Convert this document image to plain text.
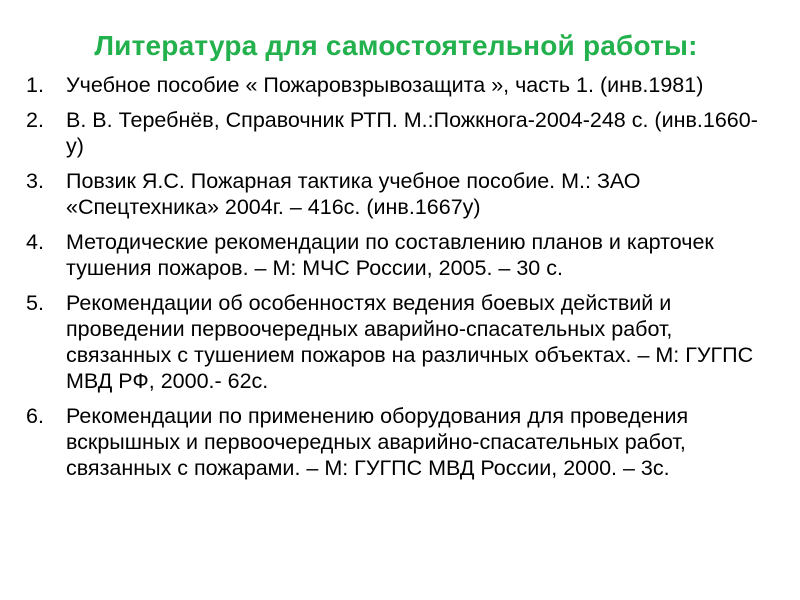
Литература для самостоятельной работы:
1.	Учебное пособие « Пожаровзрывозащита », часть 1. (инв.1981)
2.	В. В. Теребнёв, Справочник РТП. М.:Пожкнога-2004-248 с. (инв.1660-у)
3.	Повзик Я.С. Пожарная тактика учебное пособие. М.: ЗАО «Спецтехника» 2004г. – 416с. (инв.1667у)
4.	Методические рекомендации по составлению планов и карточек тушения пожаров. – М: МЧС России, 2005. – 30 с.
5.	Рекомендации об особенностях ведения боевых действий и проведении первоочередных аварийно-спасательных работ, связанных с тушением пожаров на различных объектах. – М: ГУГПС МВД РФ, 2000.- 62с.
6.	Рекомендации по применению оборудования для проведения вскрышных и первоочередных аварийно-спасательных работ, связанных с пожарами. – М: ГУГПС МВД России, 2000. – 3с.
